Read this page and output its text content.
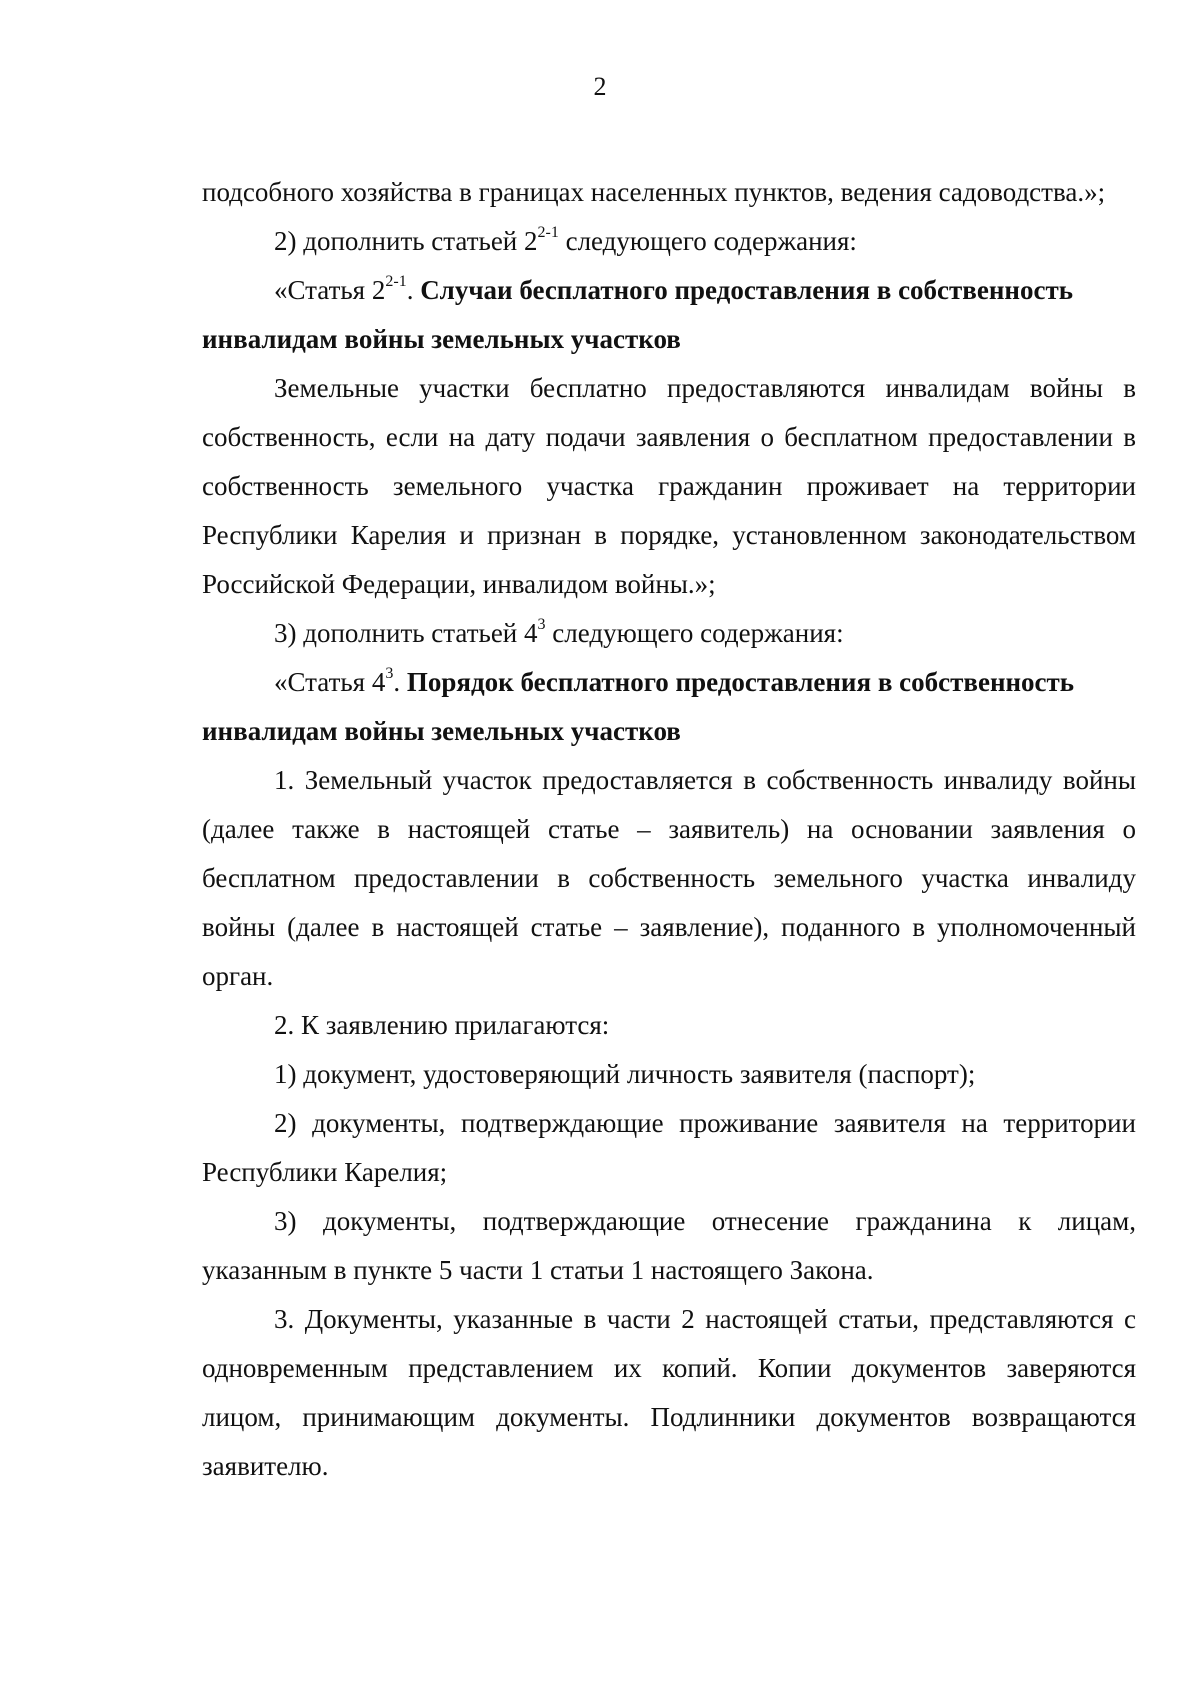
2

подсобного хозяйства в границах населенных пунктов, ведения садоводства.»;

2) дополнить статьей 2$^{2-1}$ следующего содержания:

«Статья 2$^{2-1}$. Случаи бесплатного предоставления в собственность

инвалидам войны земельных участков

Земельные участки бесплатно предоставляются инвалидам войны в собственность, если на дату подачи заявления о бесплатном предоставлении в собственность земельного участка гражданин проживает на территории Республики Карелия и признан в порядке, установленном законодательством Российской Федерации, инвалидом войны.»;

3) дополнить статьей $4^3$ следующего содержания:

«Статья $4^3$. Порядок бесплатного предоставления в собственность

инвалидам войны земельных участков

1. Земельный участок предоставляется в собственность инвалиду войны (далее также в настоящей статье – заявитель) на основании заявления о бесплатном предоставлении в собственность земельного участка инвалиду войны (далее в настоящей статье – заявление), поданного в уполномоченный орган.

2. К заявлению прилагаются:

1) документ, удостоверяющий личность заявителя (паспорт);

2) документы, подтверждающие проживание заявителя на территории Республики Карелия;

3) документы, подтверждающие отнесение гражданина к лицам, указанным в пункте 5 части 1 статьи 1 настоящего Закона.

3. Документы, указанные в части 2 настоящей статьи, представляются с одновременным представлением их копий. Копии документов заверяются лицом, принимающим документы. Подлинники документов возвращаются заявителю.
